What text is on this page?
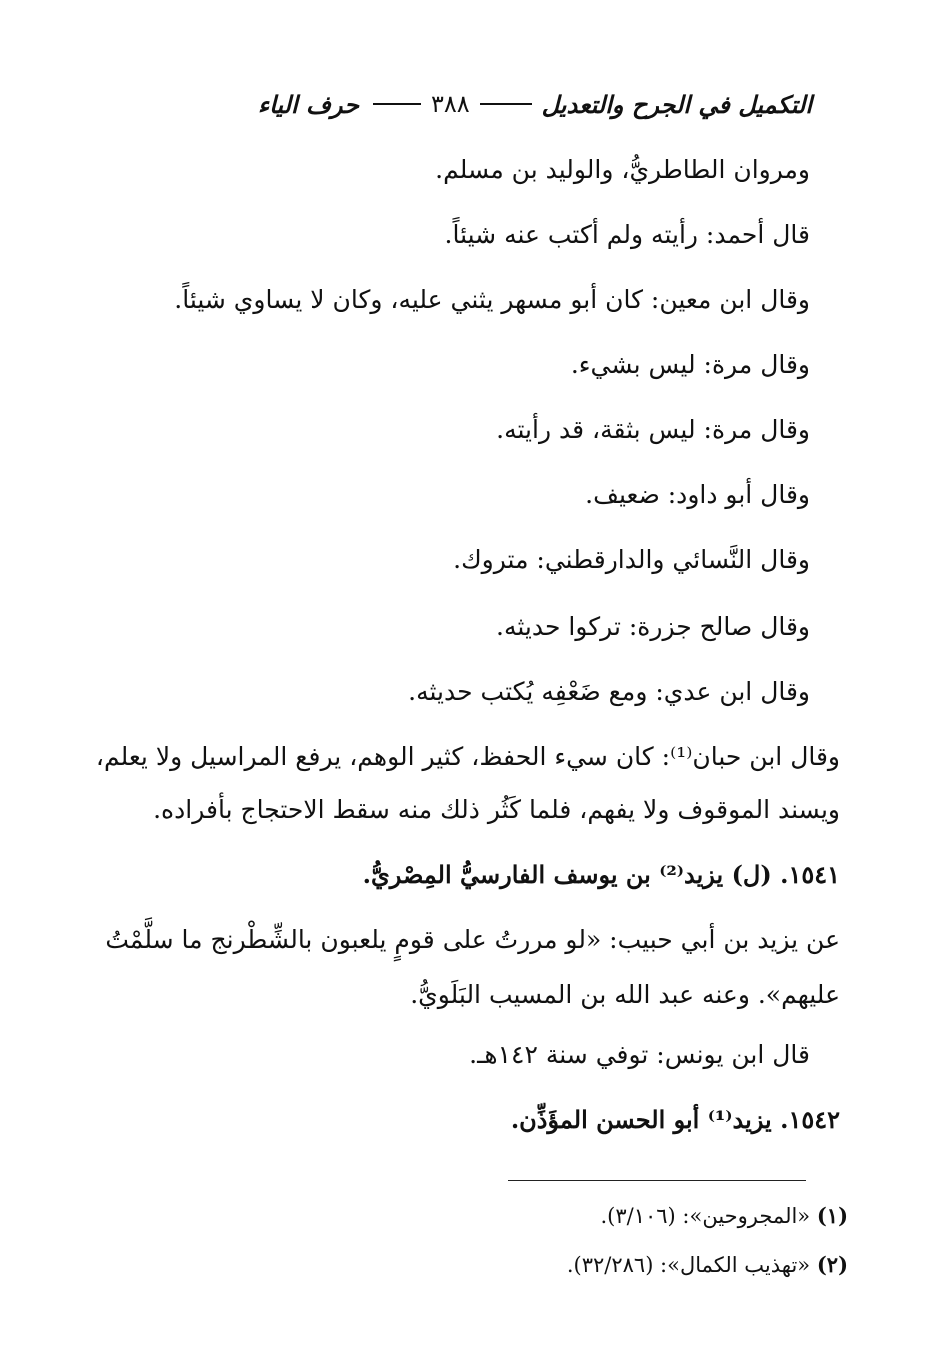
التكميل في الجرح والتعديل
٣٨٨
حرف الياء
ومروان الطاطريُّ، والوليد بن مسلم.
قال أحمد: رأيته ولم أكتب عنه شيئاً.
وقال ابن معين: كان أبو مسهر يثني عليه، وكان لا يساوي شيئاً.
وقال مرة: ليس بشيء.
وقال مرة: ليس بثقة، قد رأيته.
وقال أبو داود: ضعيف.
وقال النَّسائي والدارقطني: متروك.
وقال صالح جزرة: تركوا حديثه.
وقال ابن عدي: ومع ضَعْفِه يُكتب حديثه.
وقال ابن حبان⁽¹⁾: كان سيء الحفظ، كثير الوهم، يرفع المراسيل ولا يعلم،
ويسند الموقوف ولا يفهم، فلما كَثُر ذلك منه سقط الاحتجاج بأفراده.
١٥٤١. (ل) يزيد⁽²⁾ بن يوسف الفارسيُّ المِصْريُّ.
عن يزيد بن أبي حبيب: «لو مررتُ على قومٍ يلعبون بالشِّطْرنج ما سلَّمْتُ
عليهم». وعنه عبد الله بن المسيب البَلَويُّ.
قال ابن يونس: توفي سنة ١٤٢هـ.
١٥٤٢. يزيد⁽¹⁾ أبو الحسن المؤَذِّن.
(١) «المجروحين»: (٣/١٠٦).
(٢) «تهذيب الكمال»: (٣٢/٢٨٦).
